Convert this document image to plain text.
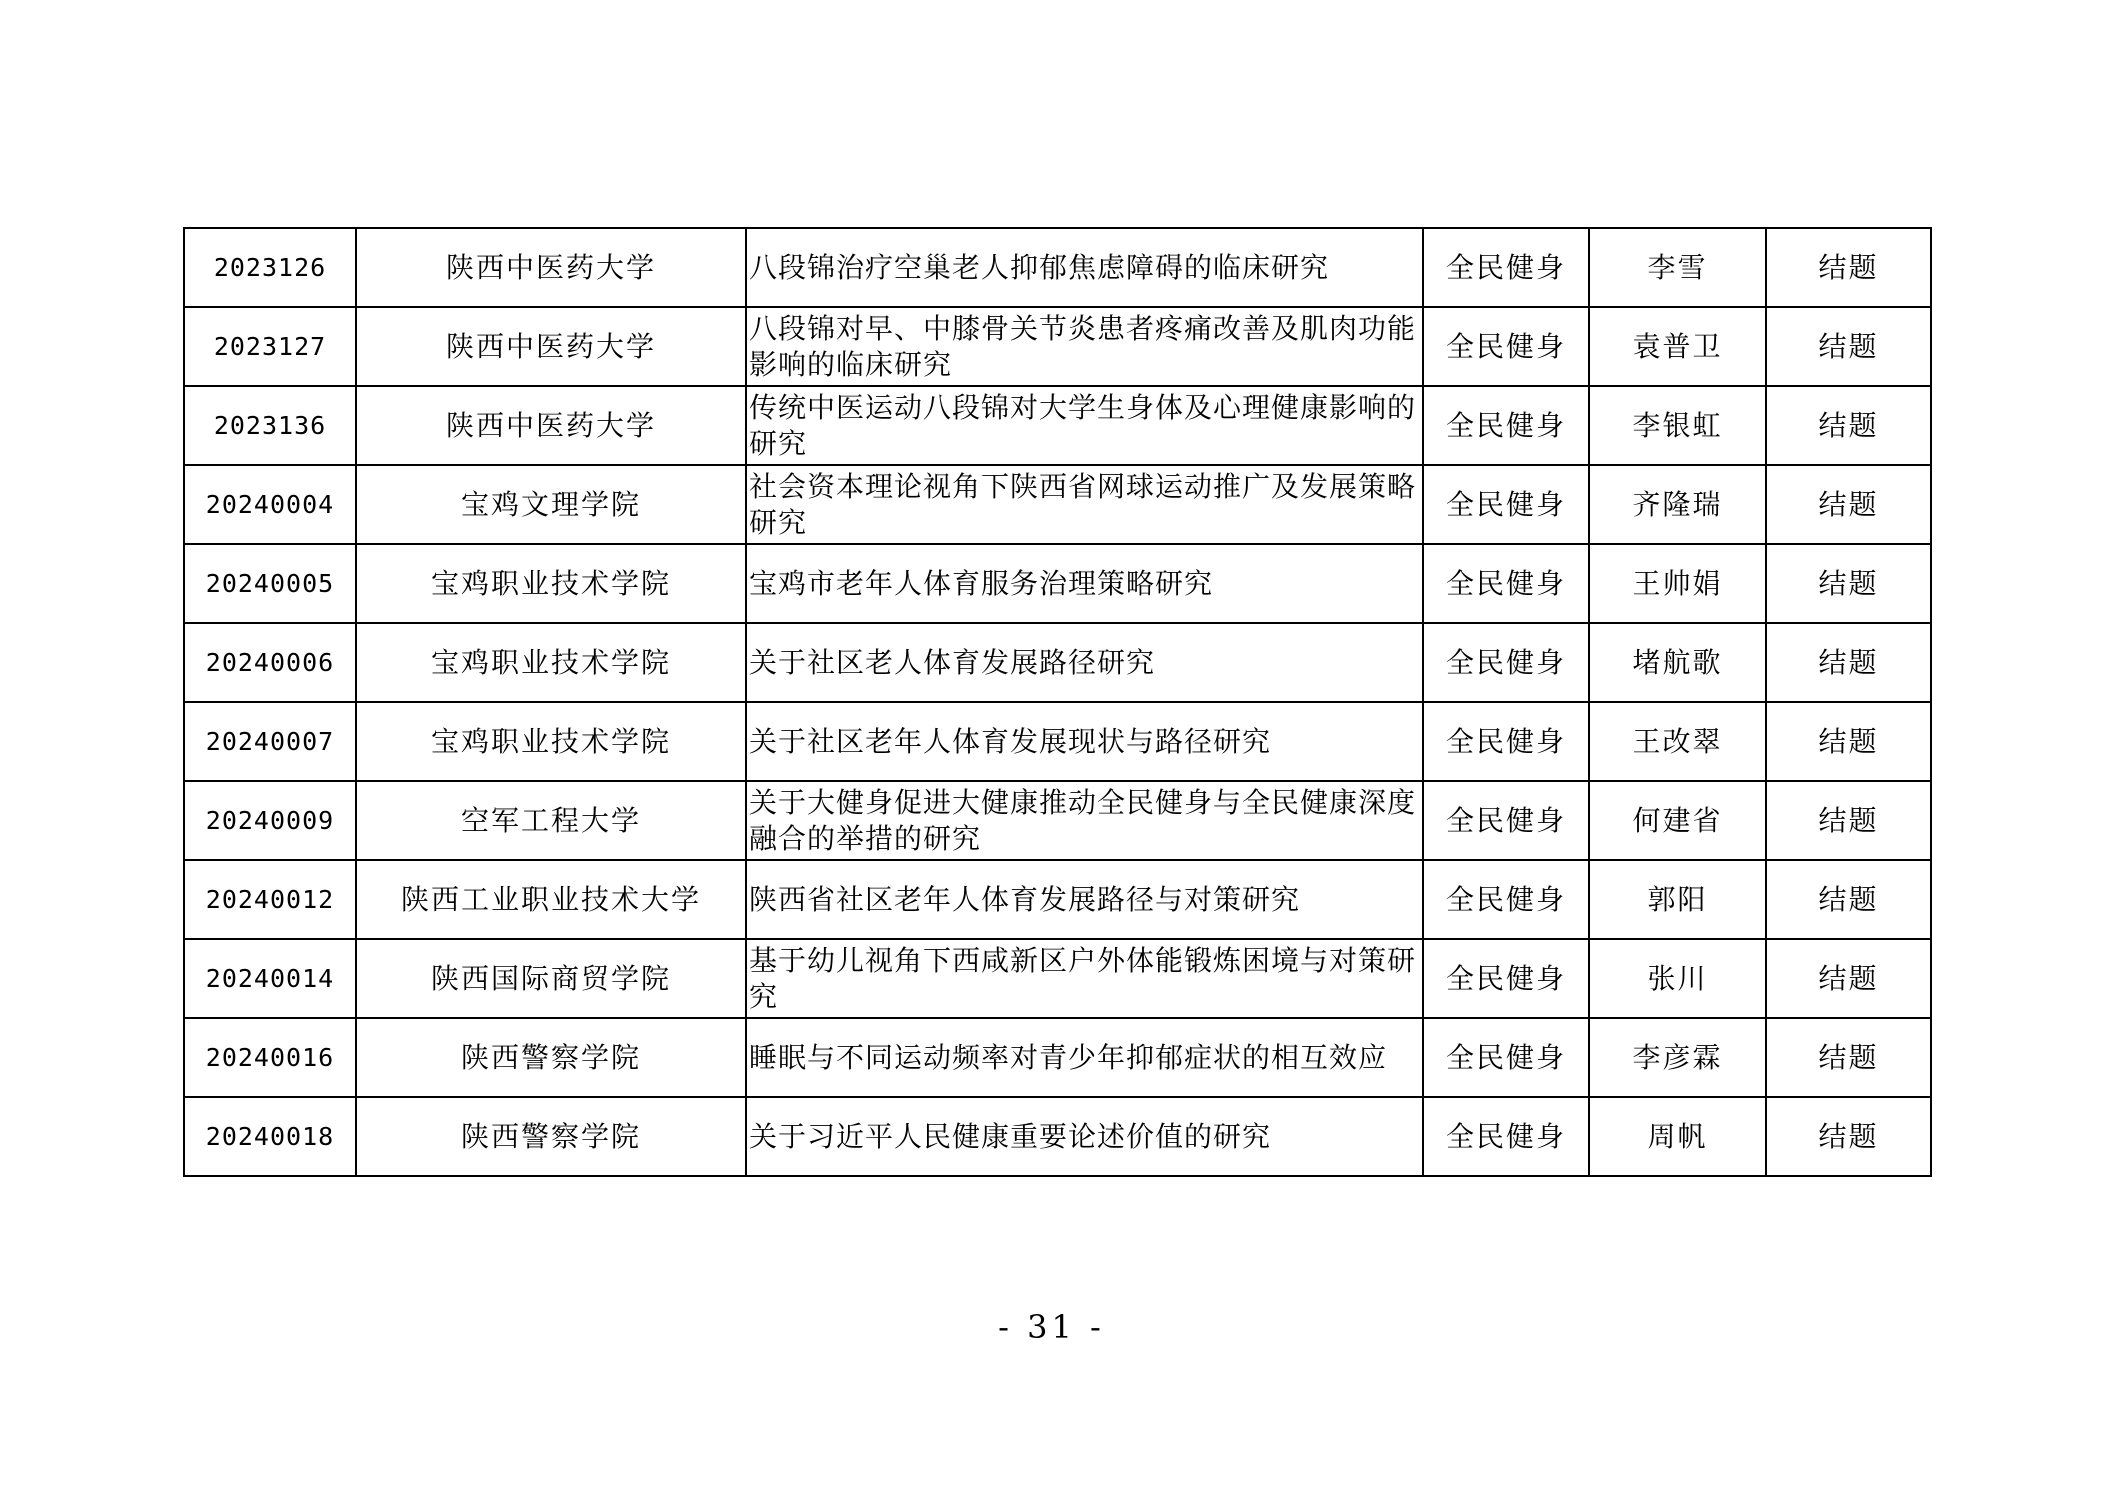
2023126	陕西中医药大学	八段锦治疗空巢老人抑郁焦虑障碍的临床研究	全民健身	李雪	结题
2023127	陕西中医药大学	八段锦对早、中膝骨关节炎患者疼痛改善及肌肉功能影响的临床研究	全民健身	袁普卫	结题
2023136	陕西中医药大学	传统中医运动八段锦对大学生身体及心理健康影响的研究	全民健身	李银虹	结题
20240004	宝鸡文理学院	社会资本理论视角下陕西省网球运动推广及发展策略研究	全民健身	齐隆瑞	结题
20240005	宝鸡职业技术学院	宝鸡市老年人体育服务治理策略研究	全民健身	王帅娟	结题
20240006	宝鸡职业技术学院	关于社区老人体育发展路径研究	全民健身	堵航歌	结题
20240007	宝鸡职业技术学院	关于社区老年人体育发展现状与路径研究	全民健身	王改翠	结题
20240009	空军工程大学	关于大健身促进大健康推动全民健身与全民健康深度融合的举措的研究	全民健身	何建省	结题
20240012	陕西工业职业技术大学	陕西省社区老年人体育发展路径与对策研究	全民健身	郭阳	结题
20240014	陕西国际商贸学院	基于幼儿视角下西咸新区户外体能锻炼困境与对策研究	全民健身	张川	结题
20240016	陕西警察学院	睡眠与不同运动频率对青少年抑郁症状的相互效应	全民健身	李彦霖	结题
20240018	陕西警察学院	关于习近平人民健康重要论述价值的研究	全民健身	周帆	结题
- 31 -
